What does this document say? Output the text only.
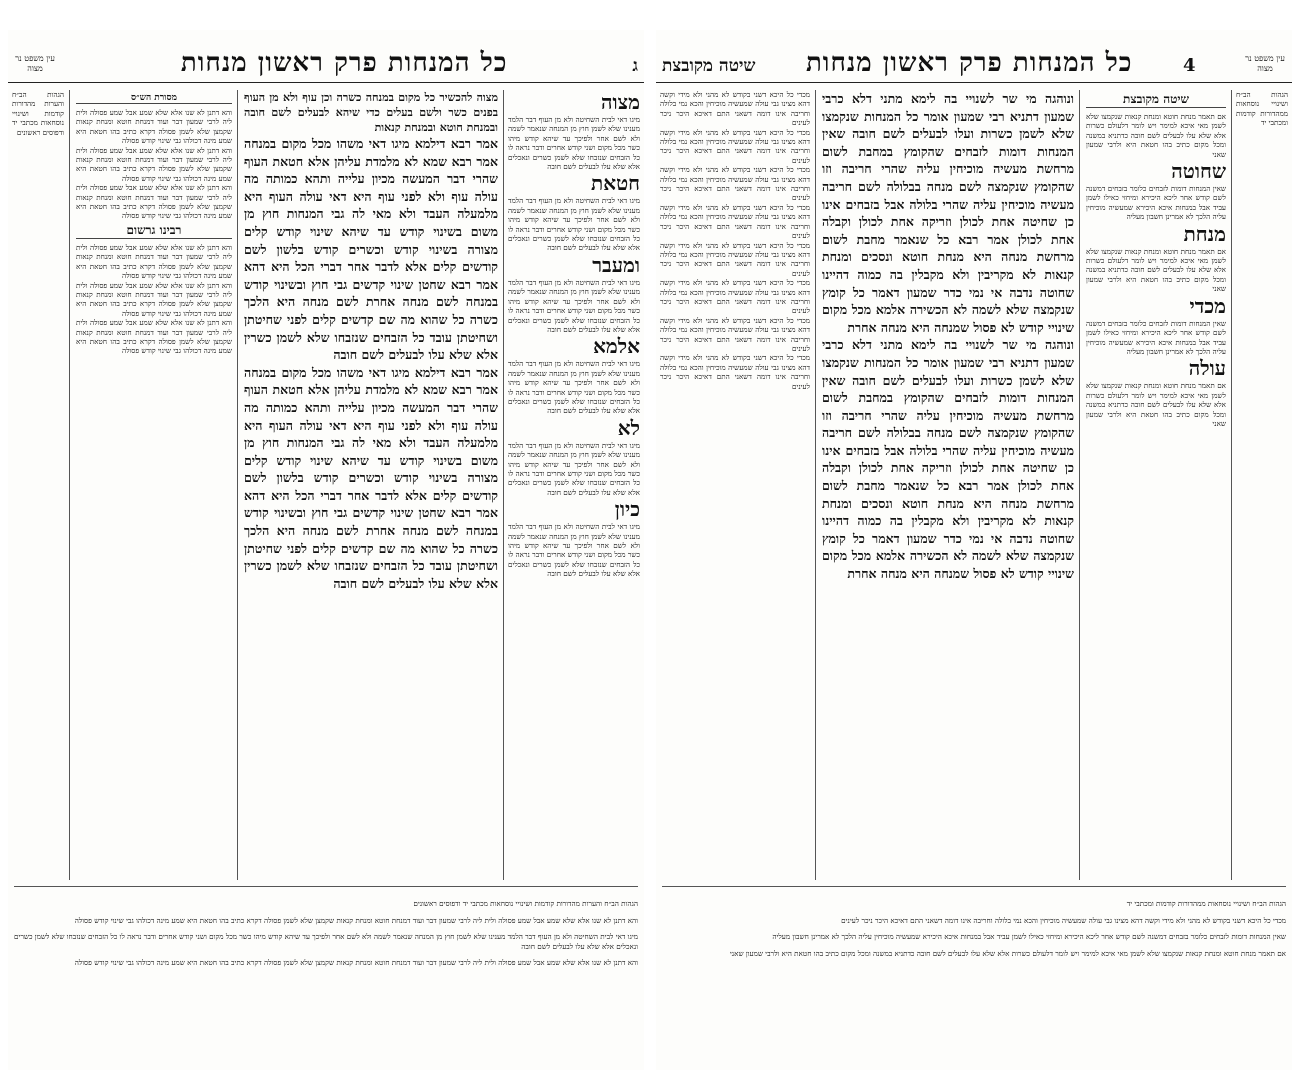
ג
כל המנחות פרק ראשון מנחות
עין משפט נר מצוה
מצוה

מיגו דאי לבית השחיטה ולא מן העוף דבר הלמד מענינו שלא לשמן חוץ מן המנחה שנאמר לשמה ולא לשם אחר ולפיכך עד שיהא קודש מיהו כשר מכל מקום ושני קודש אחרים ודבר נראה לו כל הזבחים שנזבחו שלא לשמן כשרים ונאכלים אלא שלא עלו לבעלים לשם חובה

חטאת

מיגו דאי לבית השחיטה ולא מן העוף דבר הלמד מענינו שלא לשמן חוץ מן המנחה שנאמר לשמה ולא לשם אחר ולפיכך עד שיהא קודש מיהו כשר מכל מקום ושני קודש אחרים ודבר נראה לו כל הזבחים שנזבחו שלא לשמן כשרים ונאכלים אלא שלא עלו לבעלים לשם חובה

ומעבר

מיגו דאי לבית השחיטה ולא מן העוף דבר הלמד מענינו שלא לשמן חוץ מן המנחה שנאמר לשמה ולא לשם אחר ולפיכך עד שיהא קודש מיהו כשר מכל מקום ושני קודש אחרים ודבר נראה לו כל הזבחים שנזבחו שלא לשמן כשרים ונאכלים אלא שלא עלו לבעלים לשם חובה

אלמא

מיגו דאי לבית השחיטה ולא מן העוף דבר הלמד מענינו שלא לשמן חוץ מן המנחה שנאמר לשמה ולא לשם אחר ולפיכך עד שיהא קודש מיהו כשר מכל מקום ושני קודש אחרים ודבר נראה לו כל הזבחים שנזבחו שלא לשמן כשרים ונאכלים אלא שלא עלו לבעלים לשם חובה

לא

מיגו דאי לבית השחיטה ולא מן העוף דבר הלמד מענינו שלא לשמן חוץ מן המנחה שנאמר לשמה ולא לשם אחר ולפיכך עד שיהא קודש מיהו כשר מכל מקום ושני קודש אחרים ודבר נראה לו כל הזבחים שנזבחו שלא לשמן כשרים ונאכלים אלא שלא עלו לבעלים לשם חובה

כיון

מיגו דאי לבית השחיטה ולא מן העוף דבר הלמד מענינו שלא לשמן חוץ מן המנחה שנאמר לשמה ולא לשם אחר ולפיכך עד שיהא קודש מיהו כשר מכל מקום ושני קודש אחרים ודבר נראה לו כל הזבחים שנזבחו שלא לשמן כשרים ונאכלים אלא שלא עלו לבעלים לשם חובה

מצוה להכשיר כל מקום במנחה כשרה וכן עוף ולא מן העוף בפנים כשר ולשם בעלים כדי שיהא לבעלים לשם חובה ובמנחת חוטא ובמנחת קנאות

אמר רבא דילמא מיגו דאי משהו מכל מקום במנחה אמר רבא שמא לא מלמדת עליהן אלא חטאת העוף שהרי דבר המעשה מכיון עלייה ותהא כמותה מה עולה עוף ולא לפני עוף היא דאי עולה העוף היא מלמעלה העבד ולא מאי לה גבי המנחות חוץ מן משום בשינוי קודש עד שיהא שינוי קודש קלים מצורה בשינוי קודש וכשרים קודש בלשון לשם קודשים קלים אלא לדבר אחר דברי הכל היא דהא אמר רבא שחטן שינוי קדשים גבי חוץ ובשינוי קודש במנחה לשם מנחה אחרת לשם מנחה היא הלכך כשרה כל שהוא מה שם קדשים קלים לפני שחיטתן ושחיטתן עובד כל הזבחים שנזבחו שלא לשמן כשרין אלא שלא עלו לבעלים לשם חובה

אמר רבא דילמא מיגו דאי משהו מכל מקום במנחה אמר רבא שמא לא מלמדת עליהן אלא חטאת העוף שהרי דבר המעשה מכיון עלייה ותהא כמותה מה עולה עוף ולא לפני עוף היא דאי עולה העוף היא מלמעלה העבד ולא מאי לה גבי המנחות חוץ מן משום בשינוי קודש עד שיהא שינוי קודש קלים מצורה בשינוי קודש וכשרים קודש בלשון לשם קודשים קלים אלא לדבר אחר דברי הכל היא דהא אמר רבא שחטן שינוי קדשים גבי חוץ ובשינוי קודש במנחה לשם מנחה אחרת לשם מנחה היא הלכך כשרה כל שהוא מה שם קדשים קלים לפני שחיטתן ושחיטתן עובד כל הזבחים שנזבחו שלא לשמן כשרין אלא שלא עלו לבעלים לשם חובה

מסורת הש״ס

והא דתנן לא שנו אלא שלא שמע אבל שמע פסולה ולית ליה לרבי שמעון דבר ועוד דמנחת חוטא ומנחת קנאות שקמצן שלא לשמן פסולה דקרא כתיב בהו חטאת היא שמע מינה דכולהו גבי שינוי קודש פסולה

והא דתנן לא שנו אלא שלא שמע אבל שמע פסולה ולית ליה לרבי שמעון דבר ועוד דמנחת חוטא ומנחת קנאות שקמצן שלא לשמן פסולה דקרא כתיב בהו חטאת היא שמע מינה דכולהו גבי שינוי קודש פסולה

והא דתנן לא שנו אלא שלא שמע אבל שמע פסולה ולית ליה לרבי שמעון דבר ועוד דמנחת חוטא ומנחת קנאות שקמצן שלא לשמן פסולה דקרא כתיב בהו חטאת היא שמע מינה דכולהו גבי שינוי קודש פסולה

רבינו גרשום

והא דתנן לא שנו אלא שלא שמע אבל שמע פסולה ולית ליה לרבי שמעון דבר ועוד דמנחת חוטא ומנחת קנאות שקמצן שלא לשמן פסולה דקרא כתיב בהו חטאת היא שמע מינה דכולהו גבי שינוי קודש פסולה

והא דתנן לא שנו אלא שלא שמע אבל שמע פסולה ולית ליה לרבי שמעון דבר ועוד דמנחת חוטא ומנחת קנאות שקמצן שלא לשמן פסולה דקרא כתיב בהו חטאת היא שמע מינה דכולהו גבי שינוי קודש פסולה

והא דתנן לא שנו אלא שלא שמע אבל שמע פסולה ולית ליה לרבי שמעון דבר ועוד דמנחת חוטא ומנחת קנאות שקמצן שלא לשמן פסולה דקרא כתיב בהו חטאת היא שמע מינה דכולהו גבי שינוי קודש פסולה

הגהות הב״ח והערות מהדורות קודמות ושינויי נוסחאות מכתבי יד ודפוסים ראשונים

הגהות הב״ח והערות מהדורות קודמות ושינויי נוסחאות מכתבי יד ודפוסים ראשונים

והא דתנן לא שנו אלא שלא שמע אבל שמע פסולה ולית ליה לרבי שמעון דבר ועוד דמנחת חוטא ומנחת קנאות שקמצן שלא לשמן פסולה דקרא כתיב בהו חטאת היא שמע מינה דכולהו גבי שינוי קודש פסולה

מיגו דאי לבית השחיטה ולא מן העוף דבר הלמד מענינו שלא לשמן חוץ מן המנחה שנאמר לשמה ולא לשם אחר ולפיכך עד שיהא קודש מיהו כשר מכל מקום ושני קודש אחרים ודבר נראה לו כל הזבחים שנזבחו שלא לשמן כשרים ונאכלים אלא שלא עלו לבעלים לשם חובה

והא דתנן לא שנו אלא שלא שמע אבל שמע פסולה ולית ליה לרבי שמעון דבר ועוד דמנחת חוטא ומנחת קנאות שקמצן שלא לשמן פסולה דקרא כתיב בהו חטאת היא שמע מינה דכולהו גבי שינוי קודש פסולה

עין משפט נר מצוה
4
כל המנחות פרק ראשון מנחות
שיטה מקובצת

הגהות הב״ח ושינויי נוסחאות ממהדורות קודמות ומכתבי יד

שיטה מקובצת

אם תאמר מנחת חוטא ומנחת קנאות שנקמצו שלא לשמן מאי איכא למימר ויש לומר דלעולם כשרות אלא שלא עלו לבעלים לשם חובה כדתניא במשנה ומכל מקום כתיב בהו חטאת היא ולרבי שמעון שאני

שחוטה

שאין המנחות דומות לזבחים כלומר בזבחים דמשנה לשם קודש אחר ליכא היכירא ומיחזי כאילו לשמן עביד אבל במנחות איכא היכירא שמעשיה מוכיחין עליה הלכך לא אמרינן חשבון מעליה

מנחת

אם תאמר מנחת חוטא ומנחת קנאות שנקמצו שלא לשמן מאי איכא למימר ויש לומר דלעולם כשרות אלא שלא עלו לבעלים לשם חובה כדתניא במשנה ומכל מקום כתיב בהו חטאת היא ולרבי שמעון שאני

מכדי

שאין המנחות דומות לזבחים כלומר בזבחים דמשנה לשם קודש אחר ליכא היכירא ומיחזי כאילו לשמן עביד אבל במנחות איכא היכירא שמעשיה מוכיחין עליה הלכך לא אמרינן חשבון מעליה

עולה

אם תאמר מנחת חוטא ומנחת קנאות שנקמצו שלא לשמן מאי איכא למימר ויש לומר דלעולם כשרות אלא שלא עלו לבעלים לשם חובה כדתניא במשנה ומכל מקום כתיב בהו חטאת היא ולרבי שמעון שאני

ונוהגה מי שר לשנויי בה לימא מתני דלא כרבי שמעון דתניא רבי שמעון אומר כל המנחות שנקמצו שלא לשמן כשרות ועלו לבעלים לשם חובה שאין המנחות דומות לזבחים שהקומץ במחבת לשום מרחשת מעשיה מוכיחין עליה שהרי חריבה וזו שהקומץ שנקמצה לשם מנחה בבלולה לשם חריבה מעשיה מוכיחין עליה שהרי בלולה אבל בזבחים אינו כן שחיטה אחת לכולן וזריקה אחת לכולן וקבלה אחת לכולן אמר רבא כל שנאמר מחבת לשום מרחשת מנחה היא מנחת חוטא ונסכים ומנחת קנאות לא מקריבין ולא מקבלין בה כמוה דהיינו שחוטה נדבה אי נמי כדר שמעון דאמר כל קומץ שנקמצה שלא לשמה לא הכשירה אלמא מכל מקום שינויי קודש לא פסול שמנחה היא מנחה אחרת

ונוהגה מי שר לשנויי בה לימא מתני דלא כרבי שמעון דתניא רבי שמעון אומר כל המנחות שנקמצו שלא לשמן כשרות ועלו לבעלים לשם חובה שאין המנחות דומות לזבחים שהקומץ במחבת לשום מרחשת מעשיה מוכיחין עליה שהרי חריבה וזו שהקומץ שנקמצה לשם מנחה בבלולה לשם חריבה מעשיה מוכיחין עליה שהרי בלולה אבל בזבחים אינו כן שחיטה אחת לכולן וזריקה אחת לכולן וקבלה אחת לכולן אמר רבא כל שנאמר מחבת לשום מרחשת מנחה היא מנחת חוטא ונסכים ומנחת קנאות לא מקריבין ולא מקבלין בה כמוה דהיינו שחוטה נדבה אי נמי כדר שמעון דאמר כל קומץ שנקמצה שלא לשמה לא הכשירה אלמא מכל מקום שינויי קודש לא פסול שמנחה היא מנחה אחרת

מכדי כל היכא דשני בקודש לא מהני ולא מידי וקשה דהא מצינו גבי עולה שמעשיה מוכיחין והכא נמי בלולה וחריבה אינו דומה דשאני התם דאיכא היכר ניכר לעינים

מכדי כל היכא דשני בקודש לא מהני ולא מידי וקשה דהא מצינו גבי עולה שמעשיה מוכיחין והכא נמי בלולה וחריבה אינו דומה דשאני התם דאיכא היכר ניכר לעינים

מכדי כל היכא דשני בקודש לא מהני ולא מידי וקשה דהא מצינו גבי עולה שמעשיה מוכיחין והכא נמי בלולה וחריבה אינו דומה דשאני התם דאיכא היכר ניכר לעינים

מכדי כל היכא דשני בקודש לא מהני ולא מידי וקשה דהא מצינו גבי עולה שמעשיה מוכיחין והכא נמי בלולה וחריבה אינו דומה דשאני התם דאיכא היכר ניכר לעינים

מכדי כל היכא דשני בקודש לא מהני ולא מידי וקשה דהא מצינו גבי עולה שמעשיה מוכיחין והכא נמי בלולה וחריבה אינו דומה דשאני התם דאיכא היכר ניכר לעינים

מכדי כל היכא דשני בקודש לא מהני ולא מידי וקשה דהא מצינו גבי עולה שמעשיה מוכיחין והכא נמי בלולה וחריבה אינו דומה דשאני התם דאיכא היכר ניכר לעינים

מכדי כל היכא דשני בקודש לא מהני ולא מידי וקשה דהא מצינו גבי עולה שמעשיה מוכיחין והכא נמי בלולה וחריבה אינו דומה דשאני התם דאיכא היכר ניכר לעינים

מכדי כל היכא דשני בקודש לא מהני ולא מידי וקשה דהא מצינו גבי עולה שמעשיה מוכיחין והכא נמי בלולה וחריבה אינו דומה דשאני התם דאיכא היכר ניכר לעינים

הגהות הב״ח ושינויי נוסחאות ממהדורות קודמות ומכתבי יד

מכדי כל היכא דשני בקודש לא מהני ולא מידי וקשה דהא מצינו גבי עולה שמעשיה מוכיחין והכא נמי בלולה וחריבה אינו דומה דשאני התם דאיכא היכר ניכר לעינים

שאין המנחות דומות לזבחים כלומר בזבחים דמשנה לשם קודש אחר ליכא היכירא ומיחזי כאילו לשמן עביד אבל במנחות איכא היכירא שמעשיה מוכיחין עליה הלכך לא אמרינן חשבון מעליה

אם תאמר מנחת חוטא ומנחת קנאות שנקמצו שלא לשמן מאי איכא למימר ויש לומר דלעולם כשרות אלא שלא עלו לבעלים לשם חובה כדתניא במשנה ומכל מקום כתיב בהו חטאת היא ולרבי שמעון שאני
